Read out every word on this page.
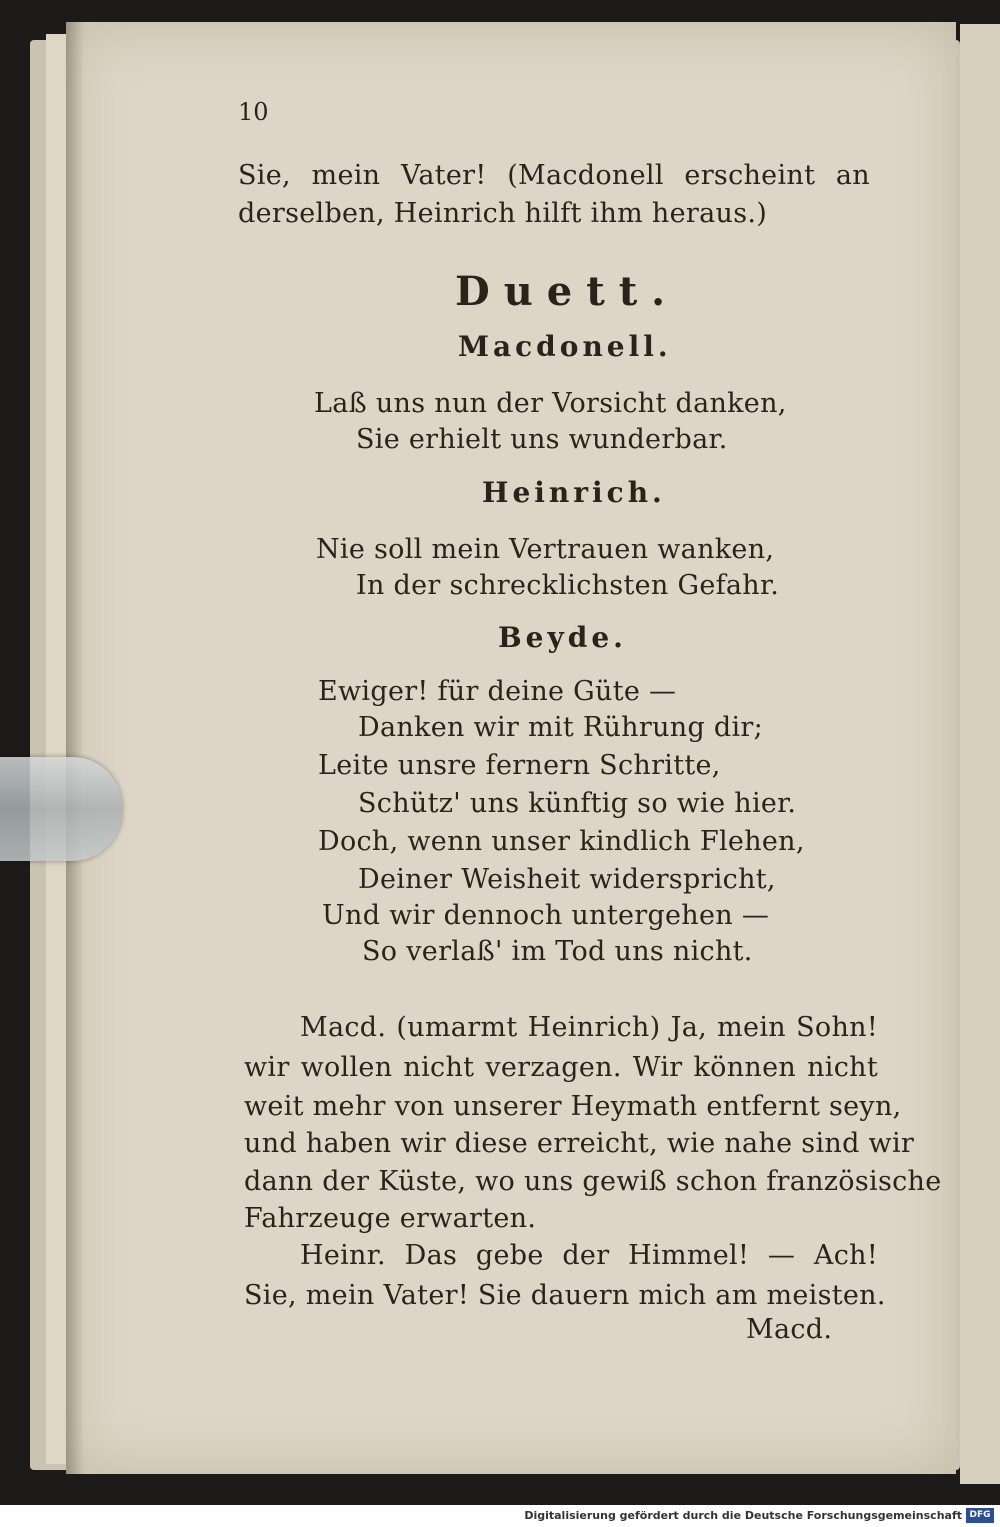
10
Sie, mein Vater! (Macdonell erscheint an
derselben, Heinrich hilft ihm heraus.)
Duett.
Macdonell.
Laß uns nun der Vorsicht danken,
Sie erhielt uns wunderbar.
Heinrich.
Nie soll mein Vertrauen wanken,
In der schrecklichsten Gefahr.
Beyde.
Ewiger! für deine Güte —
Danken wir mit Rührung dir;
Leite unsre fernern Schritte,
Schütz' uns künftig so wie hier.
Doch, wenn unser kindlich Flehen,
Deiner Weisheit widerspricht,
Und wir dennoch untergehen —
So verlaß' im Tod uns nicht.
Macd. (umarmt Heinrich) Ja, mein Sohn!
wir wollen nicht verzagen. Wir können nicht
weit mehr von unserer Heymath entfernt seyn,
und haben wir diese erreicht, wie nahe sind wir
dann der Küste, wo uns gewiß schon französische
Fahrzeuge erwarten.
Heinr. Das gebe der Himmel! — Ach!
Sie, mein Vater! Sie dauern mich am meisten.
Macd.
Digitalisierung gefördert durch die Deutsche Forschungsgemeinschaft DFG
